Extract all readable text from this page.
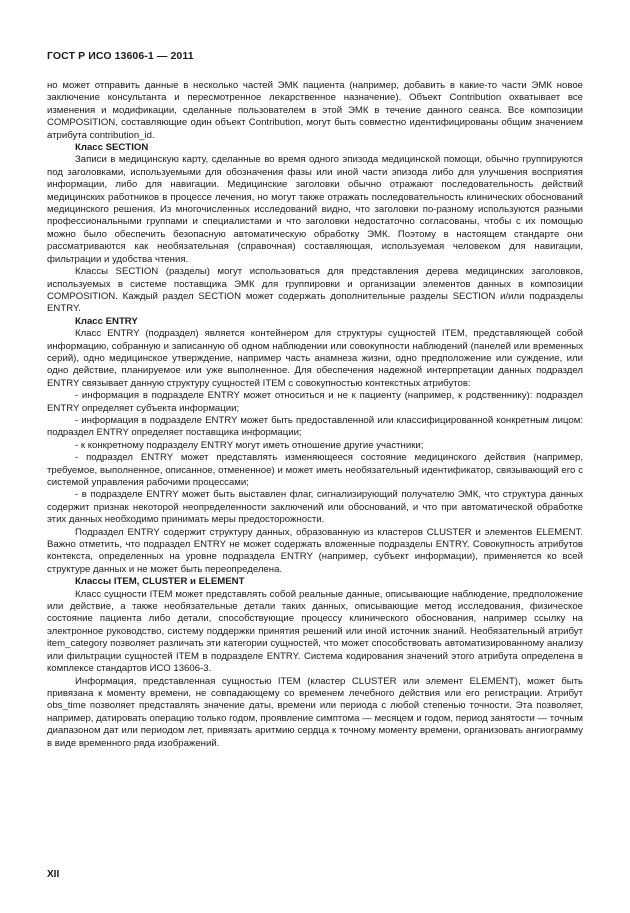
ГОСТ Р ИСО 13606-1 — 2011

но может отправить данные в несколько частей ЭМК пациента (например, добавить в какие-то части ЭМК новое заключение консультанта и пересмотренное лекарственное назначение). Объект Contribution охватывает все изменения и модификации, сделанные пользователем в этой ЭМК в течение данного сеанса. Все композиции COMPOSITION, составляющие один объект Contribution, могут быть совместно идентифицированы общим значением атрибута contribution_id.

Класс SECTION

Записи в медицинскую карту, сделанные во время одного эпизода медицинской помощи, обычно группируются под заголовками, используемыми для обозначения фазы или иной части эпизода либо для улучшения восприятия информации, либо для навигации. Медицинские заголовки обычно отражают последовательность действий медицинских работников в процессе лечения, но могут также отражать последовательность клинических обоснований медицинского решения. Из многочисленных исследований видно, что заголовки по-разному используются разными профессиональными группами и специалистами и что заголовки недостаточно согласованы, чтобы с их помощью можно было обеспечить безопасную автоматическую обработку ЭМК. Поэтому в настоящем стандарте они рассматриваются как необязательная (справочная) составляющая, используемая человеком для навигации, фильтрации и удобства чтения.

Классы SECTION (разделы) могут использоваться для представления дерева медицинских заголовков, используемых в системе поставщика ЭМК для группировки и организации элементов данных в композиции COMPOSITION. Каждый раздел SECTION может содержать дополнительные разделы SECTION и/или подразделы ENTRY.

Класс ENTRY

Класс ENTRY (подраздел) является контейнером для структуры сущностей ITEM, представляющей собой информацию, собранную и записанную об одном наблюдении или совокупности наблюдений (панелей или временных серий), одно медицинское утверждение, например часть анамнеза жизни, одно предположение или суждение, или одно действие, планируемое или уже выполненное. Для обеспечения надежной интерпретации данных подраздел ENTRY связывает данную структуру сущностей ITEM с совокупностью контекстных атрибутов:

- информация в подразделе ENTRY может относиться и не к пациенту (например, к родственнику): подраздел ENTRY определяет субъекта информации;

- информация в подразделе ENTRY может быть предоставленной или классифицированной конкретным лицом: подраздел ENTRY определяет поставщика информации;

- к конкретному подразделу ENTRY могут иметь отношение другие участники;

- подраздел ENTRY может представлять изменяющееся состояние медицинского действия (например, требуемое, выполненное, описанное, отмененное) и может иметь необязательный идентификатор, связывающий его с системой управления рабочими процессами;

- в подразделе ENTRY может быть выставлен флаг, сигнализирующий получателю ЭМК, что структура данных содержит признак некоторой неопределенности заключений или обоснований, и что при автоматической обработке этих данных необходимо принимать меры предосторожности.

Подраздел ENTRY содержит структуру данных, образованную из кластеров CLUSTER и элементов ELEMENT. Важно отметить, что подраздел ENTRY не может содержать вложенные подразделы ENTRY. Совокупность атрибутов контекста, определенных на уровне подраздела ENTRY (например, субъект информации), применяется ко всей структуре данных и не может быть переопределена.

Классы ITEM, CLUSTER и ELEMENT

Класс сущности ITEM может представлять собой реальные данные, описывающие наблюдение, предположение или действие, а также необязательные детали таких данных, описывающие метод исследования, физическое состояние пациента либо детали, способствующие процессу клинического обоснования, например ссылку на электронное руководство, систему поддержки принятия решений или иной источник знаний. Необязательный атрибут item_category позволяет различать эти категории сущностей, что может способствовать автоматизированному анализу или фильтрации сущностей ITEM в подразделе ENTRY. Система кодирования значений этого атрибута определена в комплексе стандартов ИСО 13606-3.

Информация, представленная сущностью ITEM (кластер CLUSTER или элемент ELEMENT), может быть привязана к моменту времени, не совпадающему со временем лечебного действия или его регистрации. Атрибут obs_time позволяет представлять значение даты, времени или периода с любой степенью точности. Эта позволяет, например, датировать операцию только годом, проявление симптома — месяцем и годом, период занятости — точным диапазоном дат или периодом лет, привязать аритмию сердца к точному моменту времени, организовать ангиограмму в виде временного ряда изображений.

XII
